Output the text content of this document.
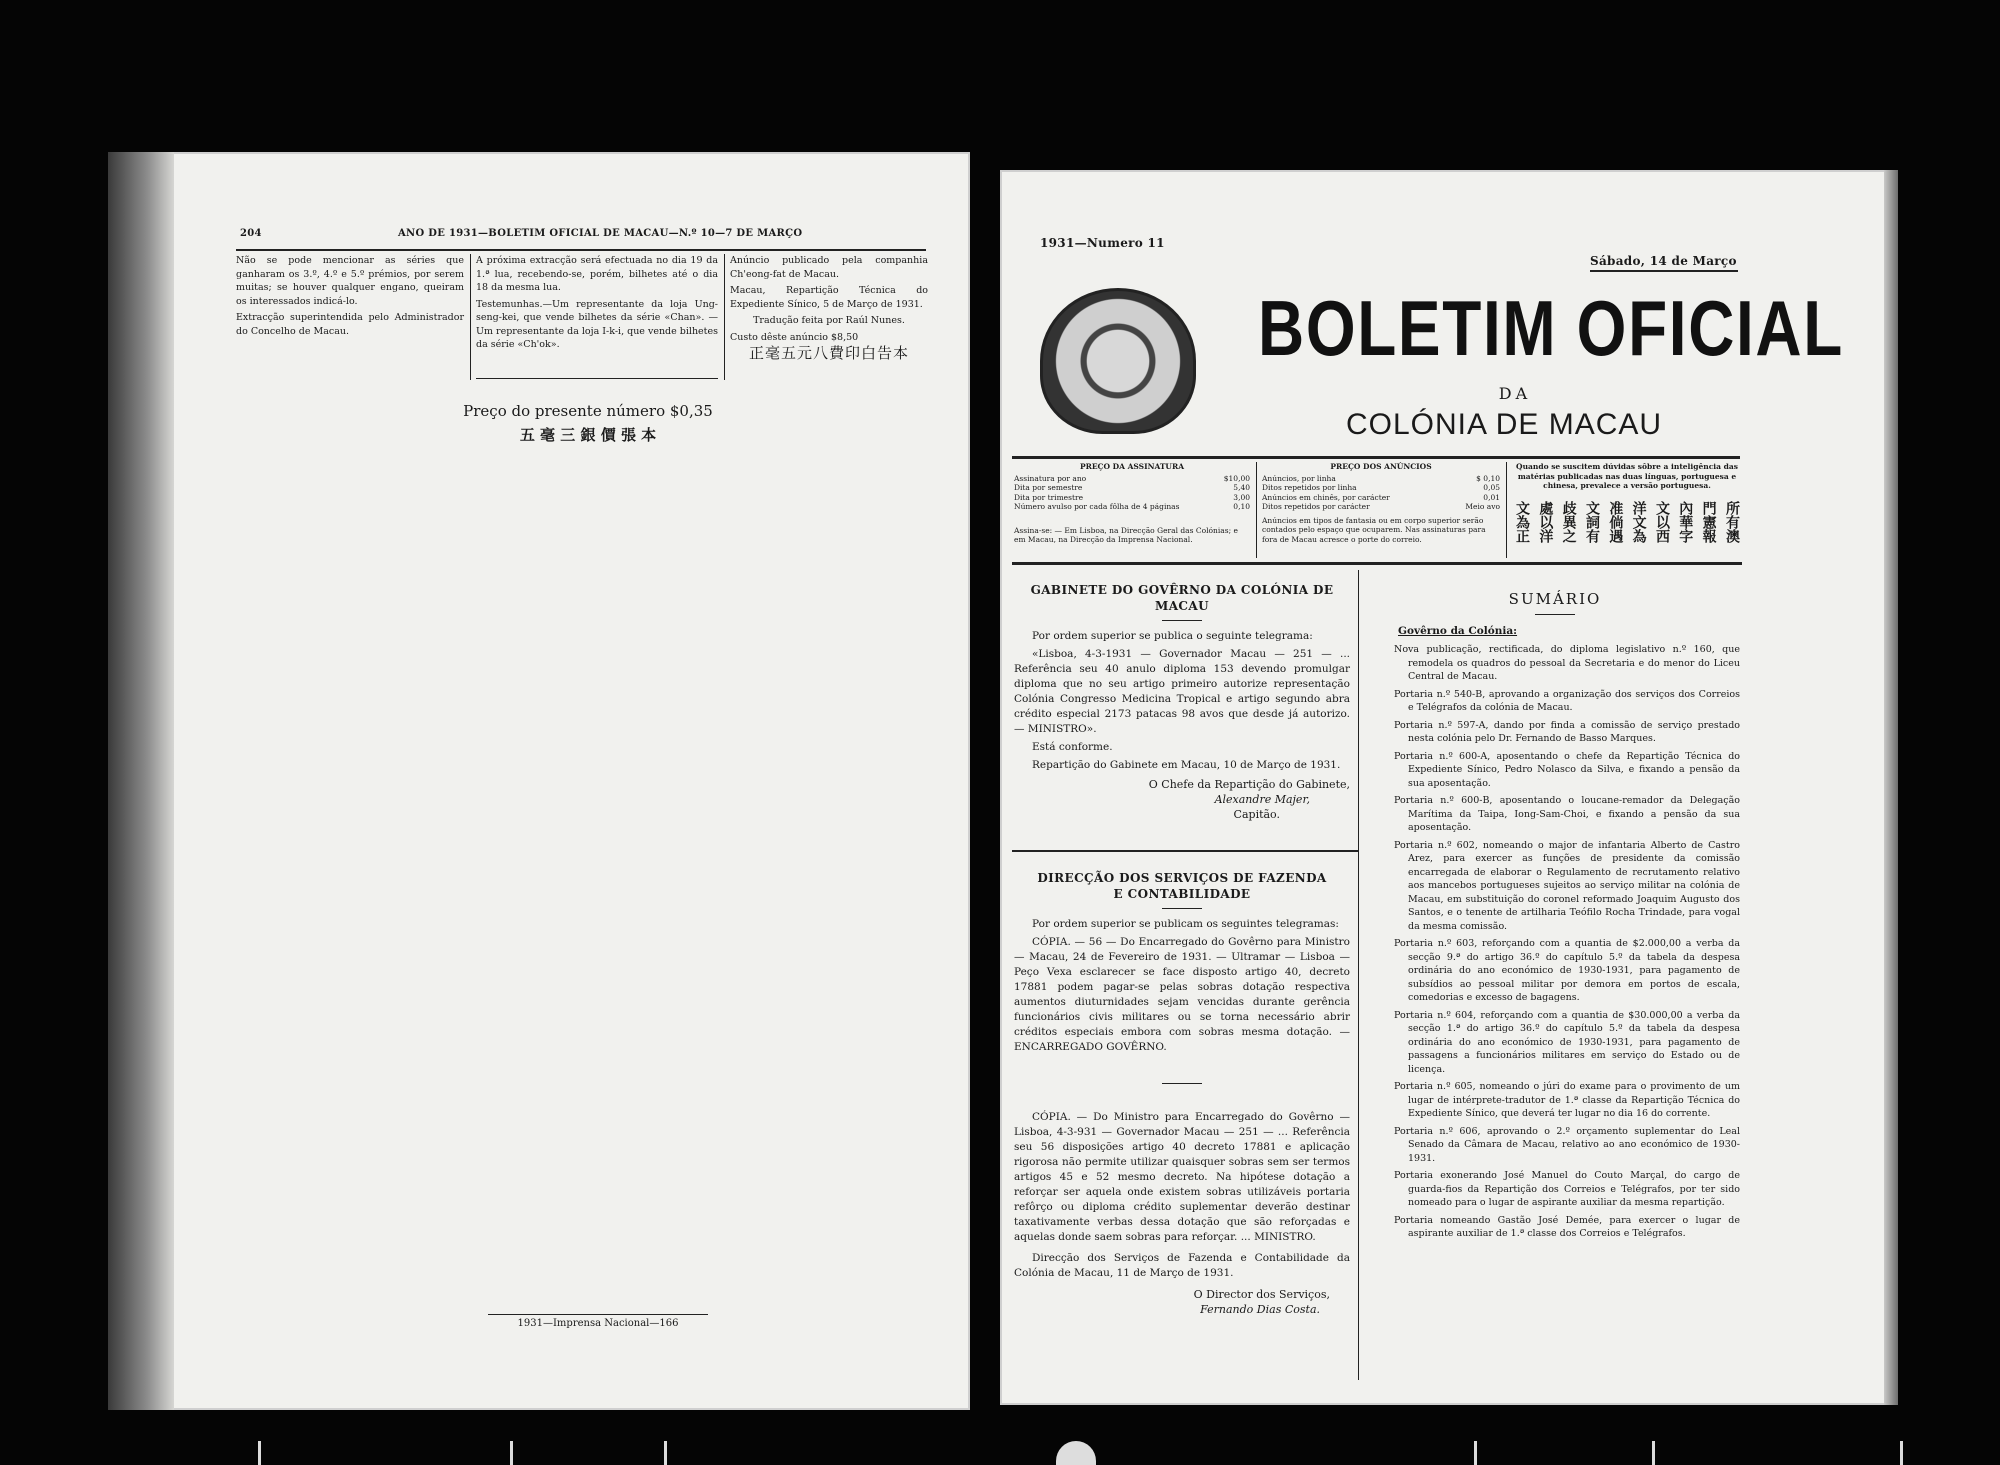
204	ANO DE 1931—BOLETIM OFICIAL DE MACAU—N.º 10—7 DE MARÇO

Não se pode mencionar as séries que ganharam os 3.º, 4.º e 5.º prémios, por serem muitas; se houver qualquer engano, queiram os interessados indicá-lo.

Extracção superintendida pelo Administrador do Concelho de Macau.

A próxima extracção será efectuada no dia 19 da 1.ª lua, recebendo-se, porém, bilhetes até o dia 18 da mesma lua.

Testemunhas.—Um representante da loja Ung-seng-kei, que vende bilhetes da série «Chan». — Um representante da loja I-k-i, que vende bilhetes da série «Ch'ok».

Anúncio publicado pela companhia Ch'eong-fat de Macau.

Macau, Repartição Técnica do Expediente Sínico, 5 de Março de 1931.

Tradução feita por Raúl Nunes.

Custo dêste anúncio $8,50

正毫五元八費印白告本
Preço do presente número $0,35
五 毫 三 銀 價 張 本
1931—Imprensa Nacional—166
1931—Numero 11
Sábado, 14 de Março
BOLETIM OFICIAL
DA
COLÓNIA DE MACAU
PREÇO DA ASSINATURA
Assinatura por ano	$10,00
Dita por semestre	5,40
Dita por trimestre	3,00
Número avulso por cada fôlha de 4 páginas	0,10
Assina-se: — Em Lisboa, na Direcção Geral das Colónias; e em Macau, na Direcção da Imprensa Nacional.
PREÇO DOS ANÚNCIOS
Anúncios, por linha	$ 0,10
Ditos repetidos por linha	0,05
Anúncios em chinês, por carácter	0,01
Ditos repetidos por carácter	Meio avo
Anúncios em tipos de fantasia ou em corpo superior serão contados pelo espaço que ocuparem. Nas assinaturas para fora de Macau acresce o porte do correio.
Quando se suscitem dúvidas sôbre a inteligência das matérias publicadas nas duas línguas, portuguesa e chinesa, prevalece a versão portuguesa.
所有澳
門憲報
內華字
文以西
洋文為
准倘遇
文詞有
歧異之
處以洋
文為正
GABINETE DO GOVÊRNO DA COLÓNIA DE MACAU
Por ordem superior se publica o seguinte telegrama:
«Lisboa, 4-3-1931 — Governador Macau — 251 — ... Referência seu 40 anulo diploma 153 devendo promulgar diploma que no seu artigo primeiro autorize representação Colónia Congresso Medicina Tropical e artigo segundo abra crédito especial 2173 patacas 98 avos que desde já autorizo. — MINISTRO».
Está conforme.
Repartição do Gabinete em Macau, 10 de Março de 1931.
O Chefe da Repartição do Gabinete,
Alexandre Majer,
Capitão.
DIRECÇÃO DOS SERVIÇOS DE FAZENDA
E CONTABILIDADE
Por ordem superior se publicam os seguintes telegramas:
CÓPIA. — 56 — Do Encarregado do Govêrno para Ministro — Macau, 24 de Fevereiro de 1931. — Ultramar — Lisboa — Peço Vexa esclarecer se face disposto artigo 40, decreto 17881 podem pagar-se pelas sobras dotação respectiva aumentos diuturnidades sejam vencidas durante gerência funcionários civis militares ou se torna necessário abrir créditos especiais embora com sobras mesma dotação. — ENCARREGADO GOVÊRNO.
CÓPIA. — Do Ministro para Encarregado do Govêrno — Lisboa, 4-3-931 — Governador Macau — 251 — ... Referência seu 56 disposições artigo 40 decreto 17881 e aplicação rigorosa não permite utilizar quaisquer sobras sem ser termos artigos 45 e 52 mesmo decreto. Na hipótese dotação a reforçar ser aquela onde existem sobras utilizáveis portaria refôrço ou diploma crédito suplementar deverão destinar taxativamente verbas dessa dotação que são reforçadas e aquelas donde saem sobras para reforçar. ... MINISTRO.
Direcção dos Serviços de Fazenda e Contabilidade da Colónia de Macau, 11 de Março de 1931.
O Director dos Serviços,
Fernando Dias Costa.
SUMÁRIO
Govêrno da Colónia:
Nova publicação, rectificada, do diploma legislativo n.º 160, que remodela os quadros do pessoal da Secretaria e do menor do Liceu Central de Macau.
Portaria n.º 540-B, aprovando a organização dos serviços dos Correios e Telégrafos da colónia de Macau.
Portaria n.º 597-A, dando por finda a comissão de serviço prestado nesta colónia pelo Dr. Fernando de Basso Marques.
Portaria n.º 600-A, aposentando o chefe da Repartição Técnica do Expediente Sínico, Pedro Nolasco da Silva, e fixando a pensão da sua aposentação.
Portaria n.º 600-B, aposentando o loucane-remador da Delegação Marítima da Taipa, Iong-Sam-Choi, e fixando a pensão da sua aposentação.
Portaria n.º 602, nomeando o major de infantaria Alberto de Castro Arez, para exercer as funções de presidente da comissão encarregada de elaborar o Regulamento de recrutamento relativo aos mancebos portugueses sujeitos ao serviço militar na colónia de Macau, em substituição do coronel reformado Joaquim Augusto dos Santos, e o tenente de artilharia Teófilo Rocha Trindade, para vogal da mesma comissão.
Portaria n.º 603, reforçando com a quantia de $2.000,00 a verba da secção 9.ª do artigo 36.º do capítulo 5.º da tabela da despesa ordinária do ano económico de 1930-1931, para pagamento de subsídios ao pessoal militar por demora em portos de escala, comedorias e excesso de bagagens.
Portaria n.º 604, reforçando com a quantia de $30.000,00 a verba da secção 1.ª do artigo 36.º do capítulo 5.º da tabela da despesa ordinária do ano económico de 1930-1931, para pagamento de passagens a funcionários militares em serviço do Estado ou de licença.
Portaria n.º 605, nomeando o júri do exame para o provimento de um lugar de intérprete-tradutor de 1.ª classe da Repartição Técnica do Expediente Sínico, que deverá ter lugar no dia 16 do corrente.
Portaria n.º 606, aprovando o 2.º orçamento suplementar do Leal Senado da Câmara de Macau, relativo ao ano económico de 1930-1931.
Portaria exonerando José Manuel do Couto Marçal, do cargo de guarda-fios da Repartição dos Correios e Telégrafos, por ter sido nomeado para o lugar de aspirante auxiliar da mesma repartição.
Portaria nomeando Gastão José Demée, para exercer o lugar de aspirante auxiliar de 1.ª classe dos Correios e Telégrafos.
